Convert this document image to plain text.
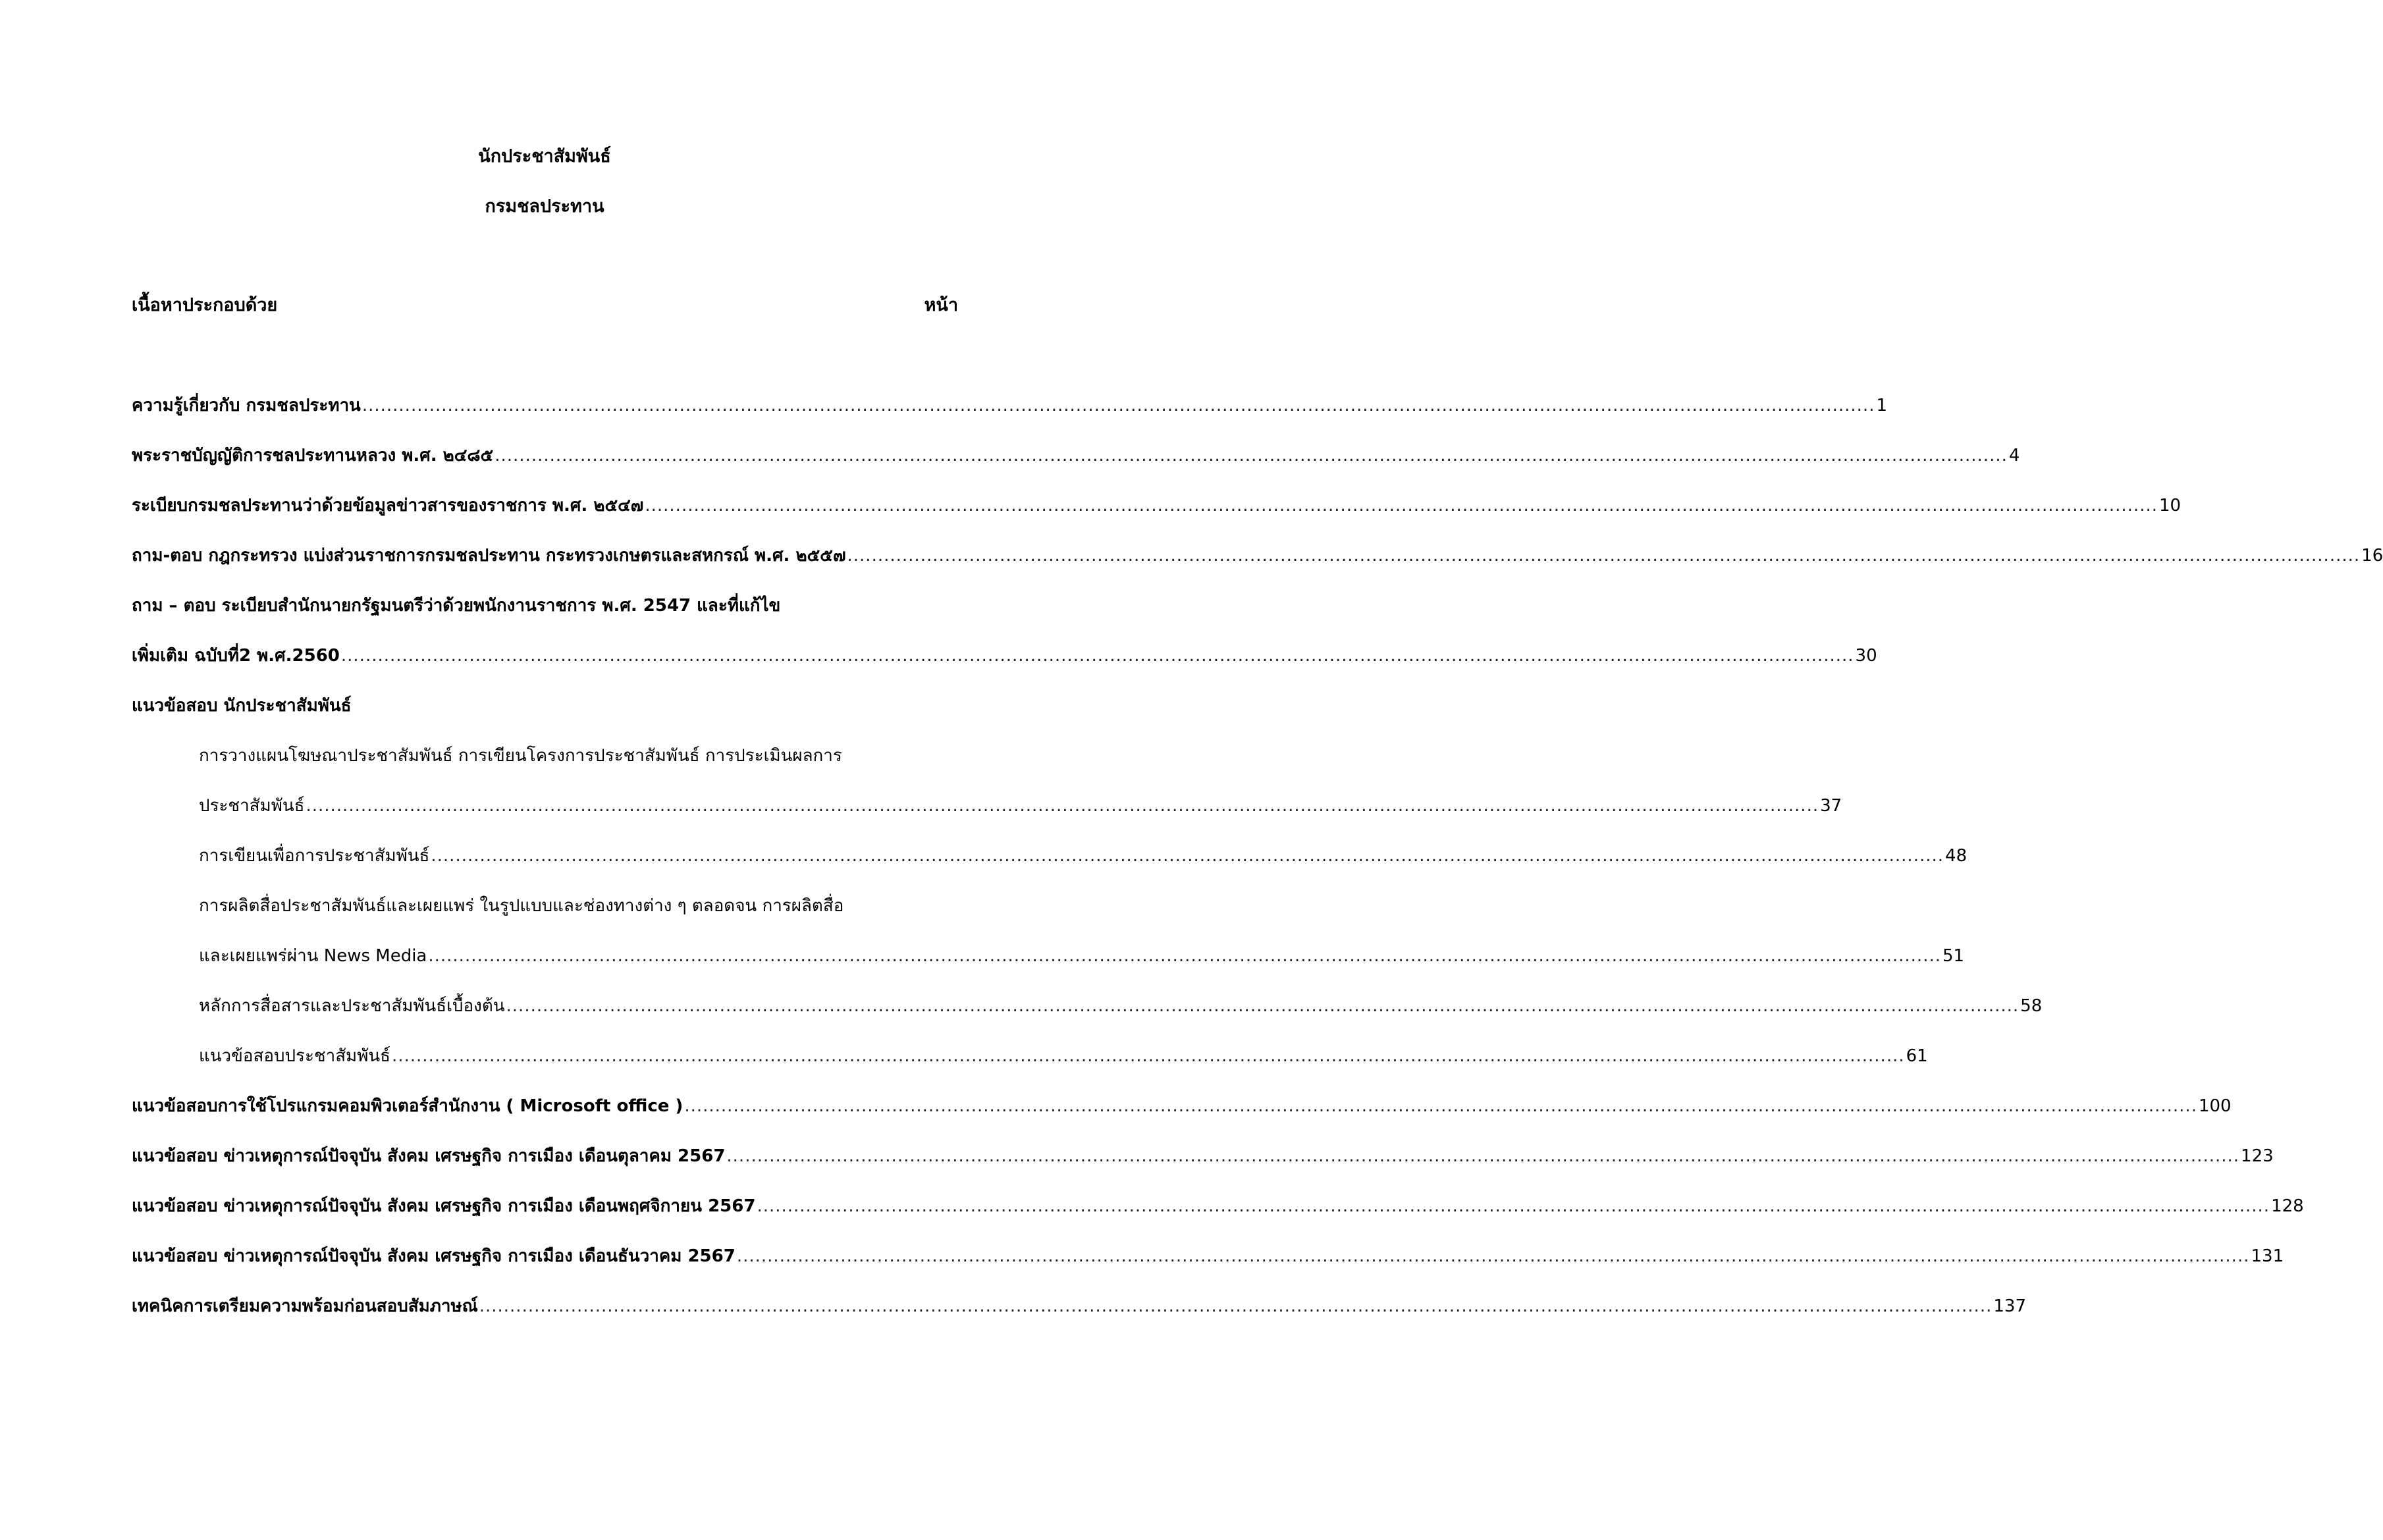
นักประชาสัมพันธ์
กรมชลประทาน
เนื้อหาประกอบด้วย	หน้า
ความรู้เกี่ยวกับ กรมชลประทาน ........................................................................................................................................................................................................................................................ 1
พระราชบัญญัติการชลประทานหลวง พ.ศ. ๒๔๘๕ ........................................................................................................................................................................................................................................................ 4
ระเบียบกรมชลประทานว่าด้วยข้อมูลข่าวสารของราชการ พ.ศ. ๒๕๔๗ ........................................................................................................................................................................................................................................................ 10
ถาม-ตอบ กฎกระทรวง แบ่งส่วนราชการกรมชลประทาน กระทรวงเกษตรและสหกรณ์ พ.ศ. ๒๕๕๗ ........................................................................................................................................................................................................................................................ 16
ถาม – ตอบ ระเบียบสำนักนายกรัฐมนตรีว่าด้วยพนักงานราชการ พ.ศ. 2547 และที่แก้ไข
เพิ่มเติม ฉบับที่2 พ.ศ.2560 ........................................................................................................................................................................................................................................................ 30
แนวข้อสอบ นักประชาสัมพันธ์
การวางแผนโฆษณาประชาสัมพันธ์ การเขียนโครงการประชาสัมพันธ์ การประเมินผลการ
ประชาสัมพันธ์ ........................................................................................................................................................................................................................................................ 37
การเขียนเพื่อการประชาสัมพันธ์ ........................................................................................................................................................................................................................................................ 48
การผลิตสื่อประชาสัมพันธ์และเผยแพร่ ในรูปแบบและช่องทางต่าง ๆ ตลอดจน การผลิตสื่อ
และเผยแพร่ผ่าน News Media ........................................................................................................................................................................................................................................................ 51
หลักการสื่อสารและประชาสัมพันธ์เบื้องต้น ........................................................................................................................................................................................................................................................ 58
แนวข้อสอบประชาสัมพันธ์ ........................................................................................................................................................................................................................................................ 61
แนวข้อสอบการใช้โปรแกรมคอมพิวเตอร์สำนักงาน ( Microsoft office ) ........................................................................................................................................................................................................................................................ 100
แนวข้อสอบ ข่าวเหตุการณ์ปัจจุบัน สังคม เศรษฐกิจ การเมือง เดือนตุลาคม 2567 ........................................................................................................................................................................................................................................................ 123
แนวข้อสอบ ข่าวเหตุการณ์ปัจจุบัน สังคม เศรษฐกิจ การเมือง เดือนพฤศจิกายน 2567 ........................................................................................................................................................................................................................................................ 128
แนวข้อสอบ ข่าวเหตุการณ์ปัจจุบัน สังคม เศรษฐกิจ การเมือง เดือนธันวาคม 2567 ........................................................................................................................................................................................................................................................ 131
เทคนิคการเตรียมความพร้อมก่อนสอบสัมภาษณ์ ........................................................................................................................................................................................................................................................ 137
